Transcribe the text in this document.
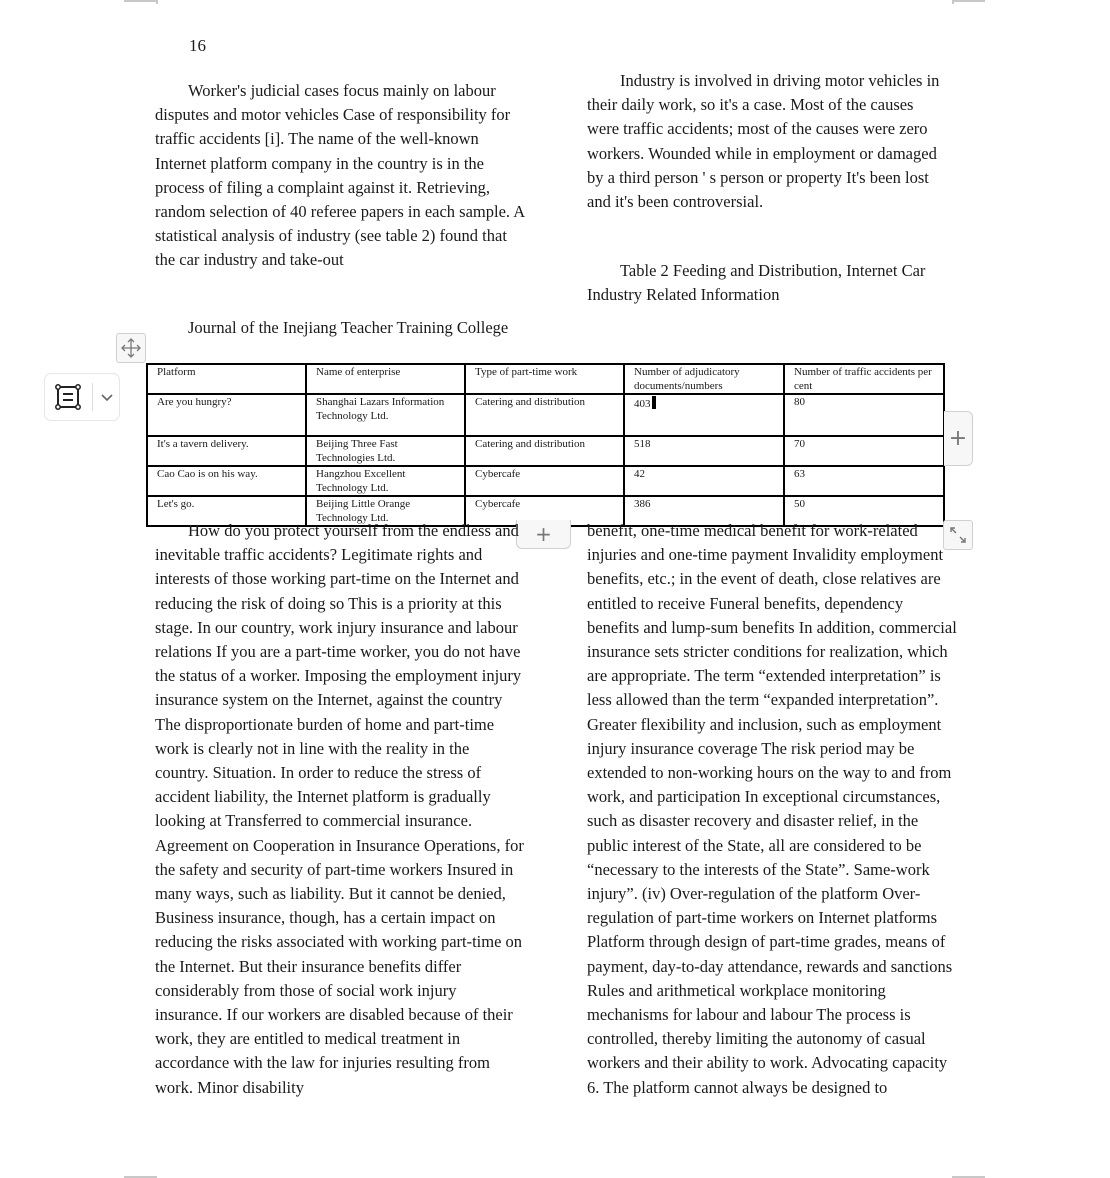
16

Worker's judicial cases focus mainly on labour disputes and motor vehicles Case of responsibility for traffic accidents [i]. The name of the well-known Internet platform company in the country is in the process of filing a complaint against it. Retrieving, random selection of 40 referee papers in each sample. A statistical analysis of industry (see table 2) found that the car industry and take-out

Industry is involved in driving motor vehicles in their daily work, so it's a case. Most of the causes were traffic accidents; most of the causes were zero workers. Wounded while in employment or damaged by a third person ' s person or property It's been lost and it's been controversial.

Table 2 Feeding and Distribution, Internet Car Industry Related Information
Journal of the Inejiang Teacher Training College
Platform	Name of enterprise	Type of part-time work	Number of adjudicatory documents/numbers	Number of traffic accidents per cent
Are you hungry?	Shanghai Lazars Information Technology Ltd.	Catering and distribution	403	80
It's a tavern delivery.	Beijing Three Fast Technologies Ltd.	Catering and distribution	518	70
Cao Cao is on his way.	Hangzhou Excellent Technology Ltd.	Cybercafe	42	63
Let's go.	Beijing Little Orange Technology Ltd.	Cybercafe	386	50
+
+

How do you protect yourself from the endless and inevitable traffic accidents? Legitimate rights and interests of those working part-time on the Internet and reducing the risk of doing so This is a priority at this stage. In our country, work injury insurance and labour relations If you are a part-time worker, you do not have the status of a worker. Imposing the employment injury insurance system on the Internet, against the country The disproportionate burden of home and part-time work is clearly not in line with the reality in the country. Situation. In order to reduce the stress of accident liability, the Internet platform is gradually looking at Transferred to commercial insurance. Agreement on Cooperation in Insurance Operations, for the safety and security of part-time workers Insured in many ways, such as liability. But it cannot be denied, Business insurance, though, has a certain impact on reducing the risks associated with working part-time on the Internet. But their insurance benefits differ considerably from those of social work injury insurance. If our workers are disabled because of their work, they are entitled to medical treatment in accordance with the law for injuries resulting from work. Minor disability

benefit, one-time medical benefit for work-related injuries and one-time payment Invalidity employment benefits, etc.; in the event of death, close relatives are entitled to receive Funeral benefits, dependency benefits and lump-sum benefits In addition, commercial insurance sets stricter conditions for realization, which are appropriate. The term “extended interpretation” is less allowed than the term “expanded interpretation”. Greater flexibility and inclusion, such as employment injury insurance coverage The risk period may be extended to non-working hours on the way to and from work, and participation In exceptional circumstances, such as disaster recovery and disaster relief, in the public interest of the State, all are considered to be “necessary to the interests of the State”. Same-work injury”. (iv) Over-regulation of the platform Over-regulation of part-time workers on Internet platforms Platform through design of part-time grades, means of payment, day-to-day attendance, rewards and sanctions Rules and arithmetical workplace monitoring mechanisms for labour and labour The process is controlled, thereby limiting the autonomy of casual workers and their ability to work. Advocating capacity 6. The platform cannot always be designed to
